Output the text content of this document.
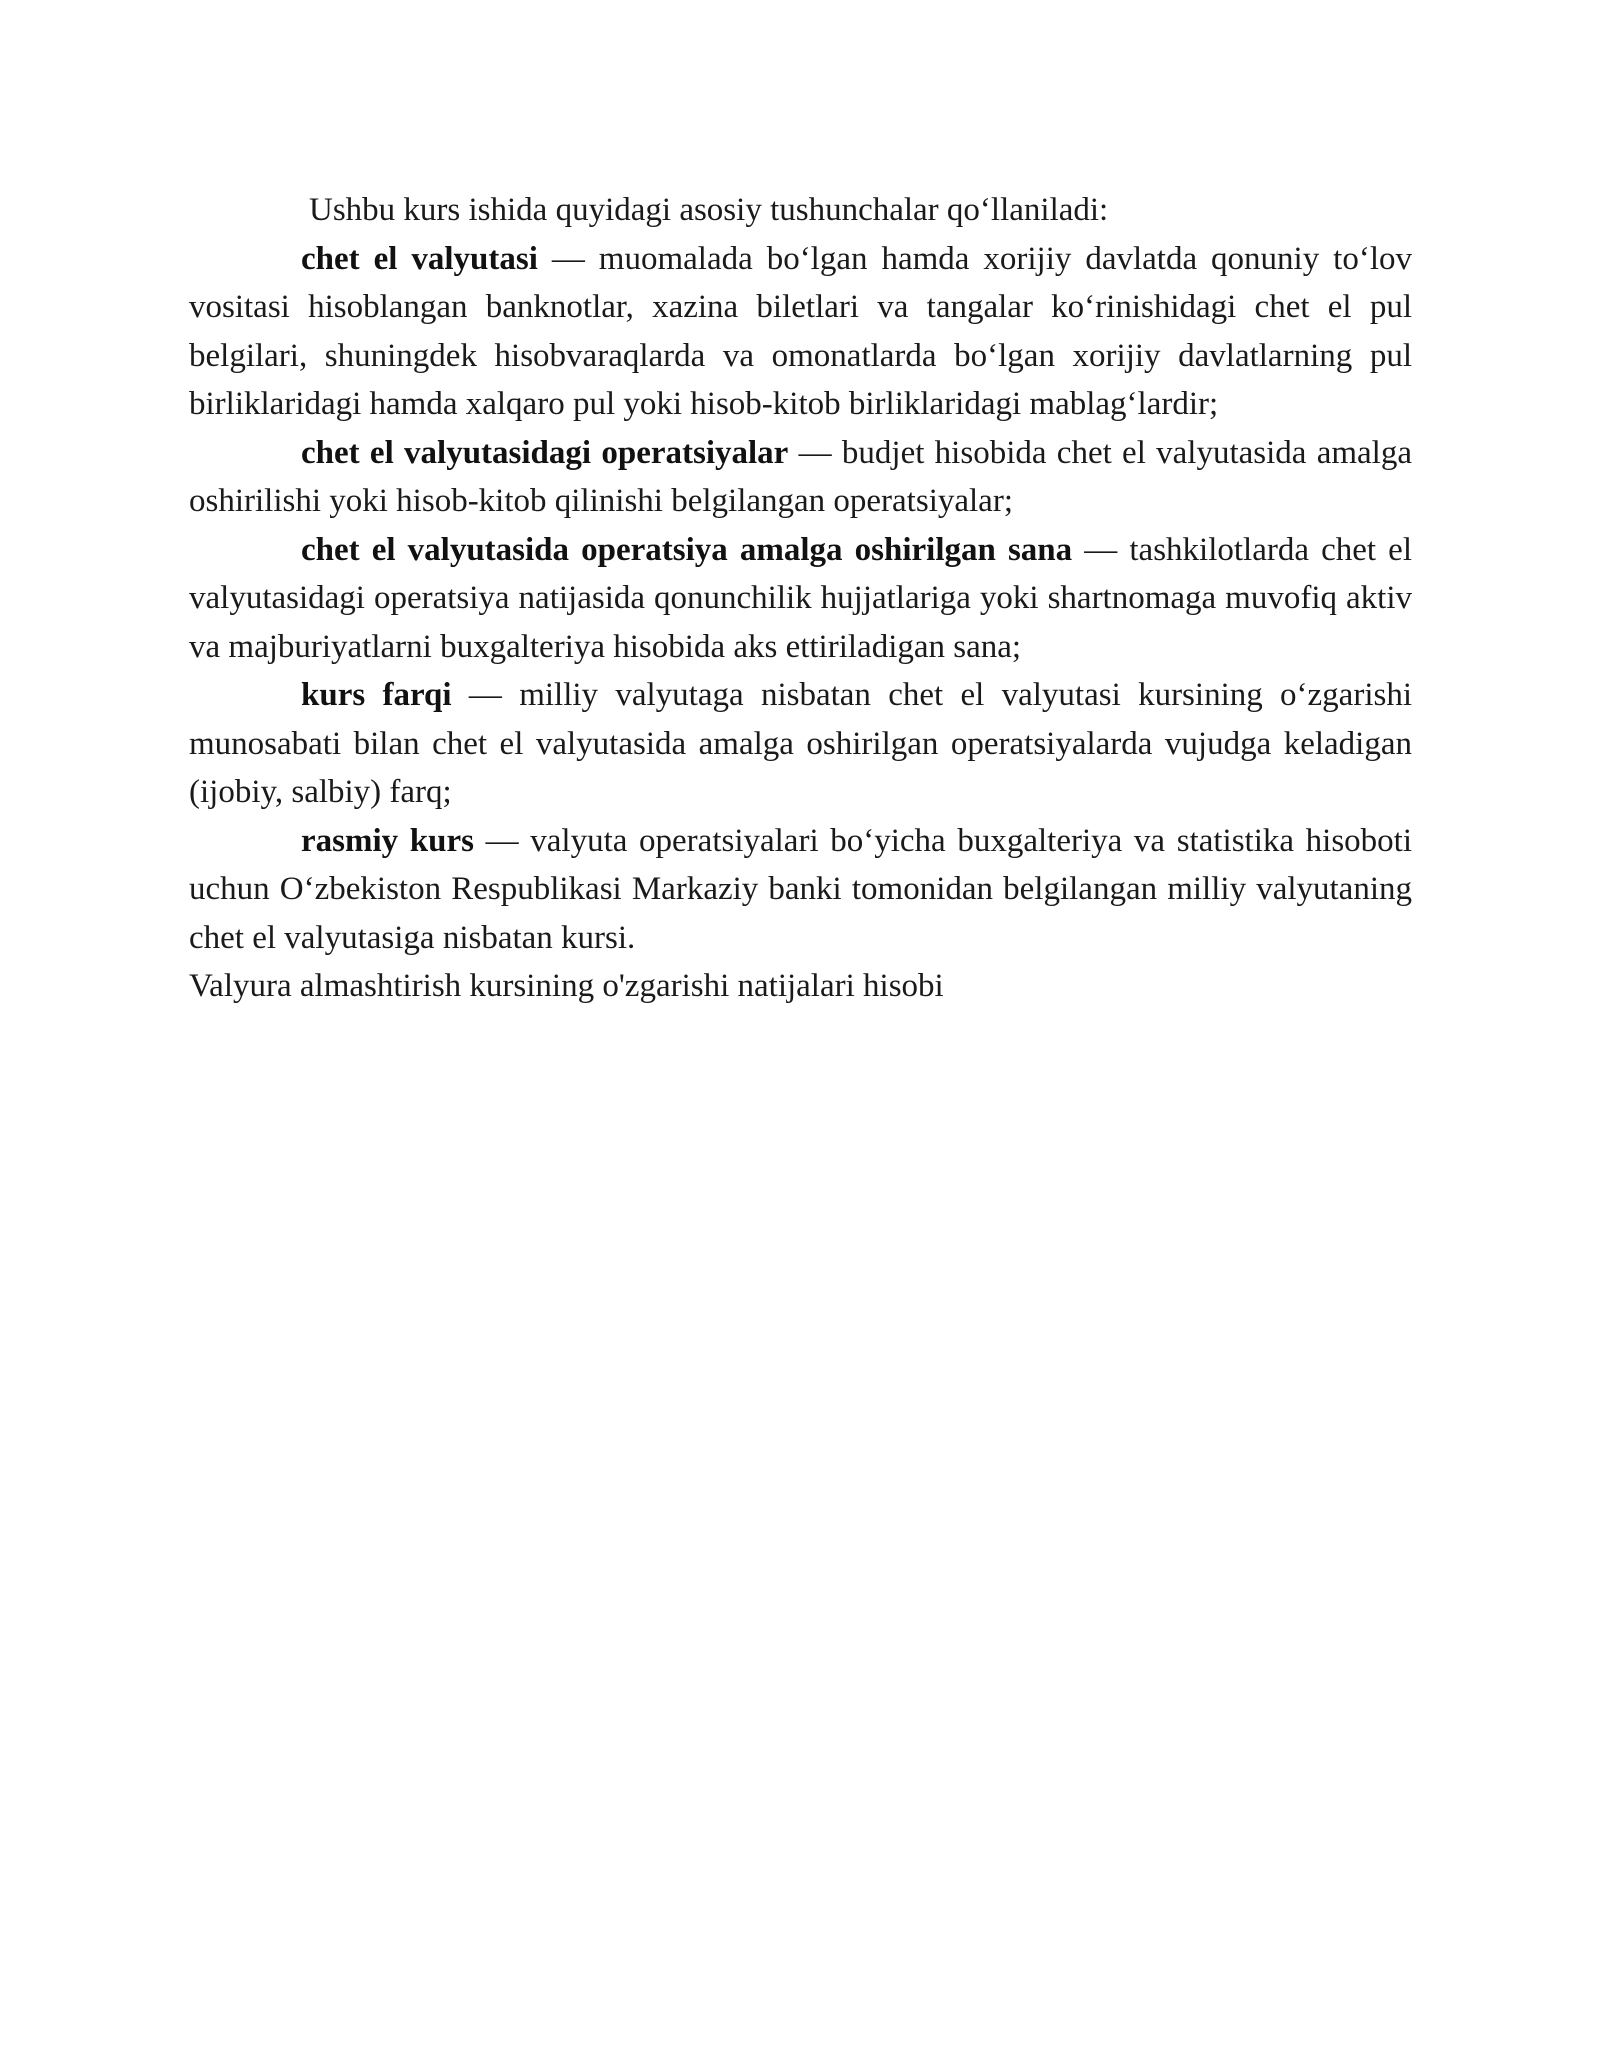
Ushbu kurs ishida quyidagi asosiy tushunchalar qo‘llaniladi:

chet el valyutasi — muomalada bo‘lgan hamda xorijiy davlatda qonuniy to‘lov vositasi hisoblangan banknotlar, xazina biletlari va tangalar ko‘rinishidagi chet el pul belgilari, shuningdek hisobvaraqlarda va omonatlarda bo‘lgan xorijiy davlatlarning pul birliklaridagi hamda xalqaro pul yoki hisob-kitob birliklaridagi mablag‘lardir;

chet el valyutasidagi operatsiyalar — budjet hisobida chet el valyutasida amalga oshirilishi yoki hisob-kitob qilinishi belgilangan operatsiyalar;

chet el valyutasida operatsiya amalga oshirilgan sana — tashkilotlarda chet el valyutasidagi operatsiya natijasida qonunchilik hujjatlariga yoki shartnomaga muvofiq aktiv va majburiyatlarni buxgalteriya hisobida aks ettiriladigan sana;

kurs farqi — milliy valyutaga nisbatan chet el valyutasi kursining o‘zgarishi munosabati bilan chet el valyutasida amalga oshirilgan operatsiyalarda vujudga keladigan (ijobiy, salbiy) farq;

rasmiy kurs — valyuta operatsiyalari bo‘yicha buxgalteriya va statistika hisoboti uchun O‘zbekiston Respublikasi Markaziy banki tomonidan belgilangan milliy valyutaning chet el valyutasiga nisbatan kursi.

Valyura almashtirish kursining o'zgarishi natijalari hisobi
